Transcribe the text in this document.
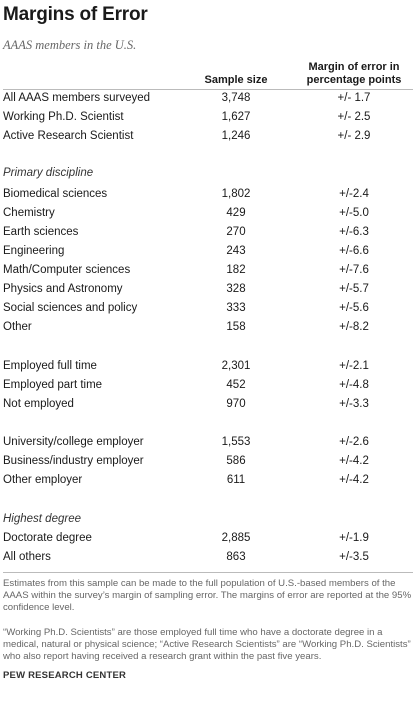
Margins of Error
AAAS members in the U.S.
Sample size
Margin of error in percentage points
All AAAS members surveyed	3,748	+/- 1.7
Working Ph.D. Scientist	1,627	+/- 2.5
Active Research Scientist	1,246	+/- 2.9
Primary discipline
Biomedical sciences	1,802	+/-2.4
Chemistry	429	+/-5.0
Earth sciences	270	+/-6.3
Engineering	243	+/-6.6
Math/Computer sciences	182	+/-7.6
Physics and Astronomy	328	+/-5.7
Social sciences and policy	333	+/-5.6
Other	158	+/-8.2
Employed full time	2,301	+/-2.1
Employed part time	452	+/-4.8
Not employed	970	+/-3.3
University/college employer	1,553	+/-2.6
Business/industry employer	586	+/-4.2
Other employer	611	+/-4.2
Highest degree
Doctorate degree	2,885	+/-1.9
All others	863	+/-3.5
Estimates from this sample can be made to the full population of U.S.-based members of the AAAS within the survey’s margin of sampling error. The margins of error are reported at the 95% confidence level.
“Working Ph.D. Scientists” are those employed full time who have a doctorate degree in a medical, natural or physical science; “Active Research Scientists” are “Working Ph.D. Scientists” who also report having received a research grant within the past five years.
PEW RESEARCH CENTER
